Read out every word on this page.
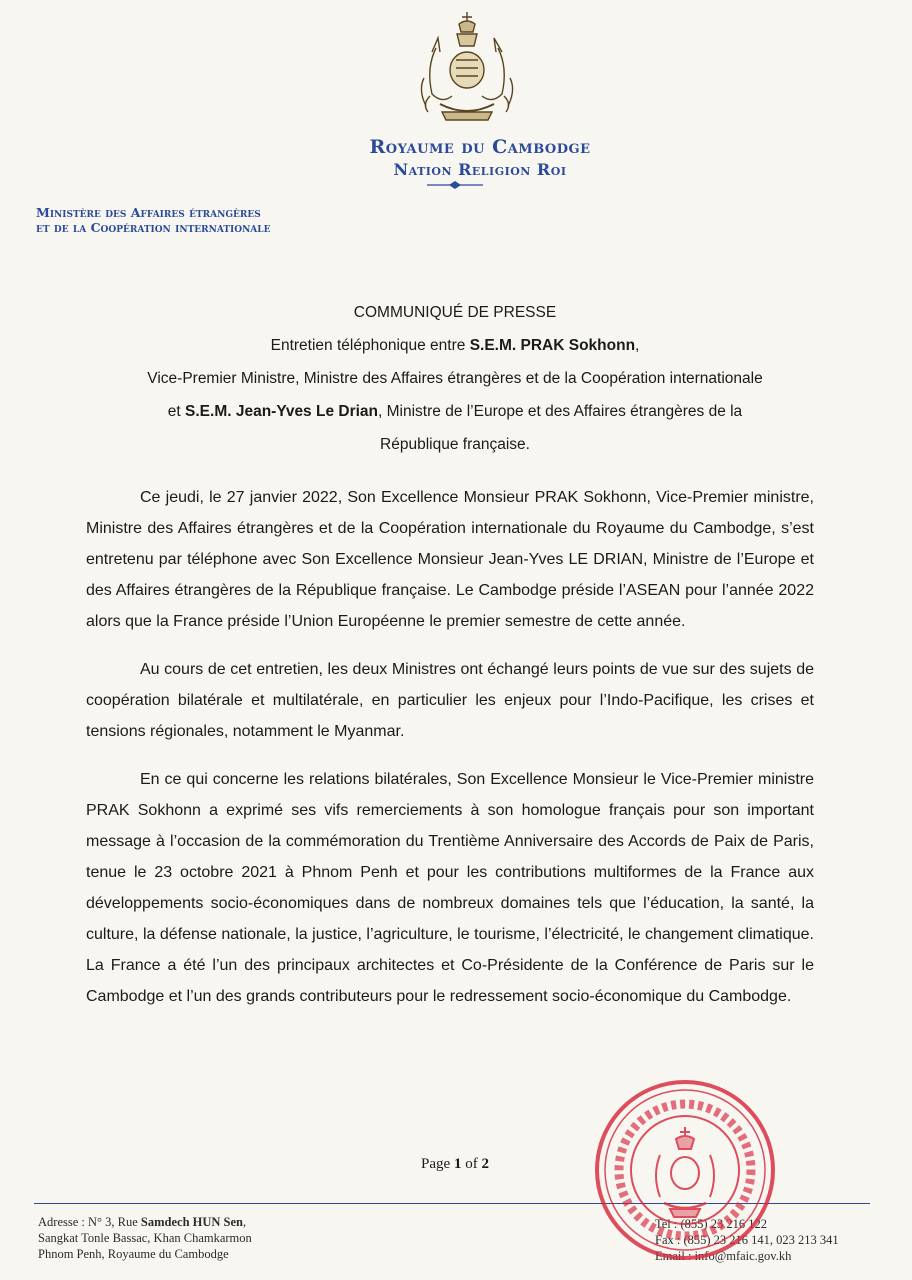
Royaume du Cambodge
Nation Religion Roi
Ministère des Affaires étrangères
et de la Coopération internationale
COMMUNIQUÉ DE PRESSE
Entretien téléphonique entre S.E.M. PRAK Sokhonn,
Vice-Premier Ministre, Ministre des Affaires étrangères et de la Coopération internationale
et S.E.M. Jean-Yves Le Drian, Ministre de l’Europe et des Affaires étrangères de la
République française.

Ce jeudi, le 27 janvier 2022, Son Excellence Monsieur PRAK Sokhonn, Vice-Premier ministre, Ministre des Affaires étrangères et de la Coopération internationale du Royaume du Cambodge, s’est entretenu par téléphone avec Son Excellence Monsieur Jean-Yves LE DRIAN, Ministre de l’Europe et des Affaires étrangères de la République française. Le Cambodge préside l’ASEAN pour l’année 2022 alors que la France préside l’Union Européenne le premier semestre de cette année.

Au cours de cet entretien, les deux Ministres ont échangé leurs points de vue sur des sujets de coopération bilatérale et multilatérale, en particulier les enjeux pour l’Indo-Pacifique, les crises et tensions régionales, notamment le Myanmar.

En ce qui concerne les relations bilatérales, Son Excellence Monsieur le Vice-Premier ministre PRAK Sokhonn a exprimé ses vifs remerciements à son homologue français pour son important message à l’occasion de la commémoration du Trentième Anniversaire des Accords de Paix de Paris, tenue le 23 octobre 2021 à Phnom Penh et pour les contributions multiformes de la France aux développements socio-économiques dans de nombreux domaines tels que l’éducation, la santé, la culture, la défense nationale, la justice, l’agriculture, le tourisme, l’électricité, le changement climatique. La France a été l’un des principaux architectes et Co-Présidente de la Conférence de Paris sur le Cambodge et l’un des grands contributeurs pour le redressement socio-économique du Cambodge.

Page 1 of 2
Adresse : N° 3, Rue Samdech HUN Sen,
Sangkat Tonle Bassac, Khan Chamkarmon
Phnom Penh, Royaume du Cambodge
Tel : (855) 23 216 122
Fax : (855) 23 216 141, 023 213 341
Email : info@mfaic.gov.kh
